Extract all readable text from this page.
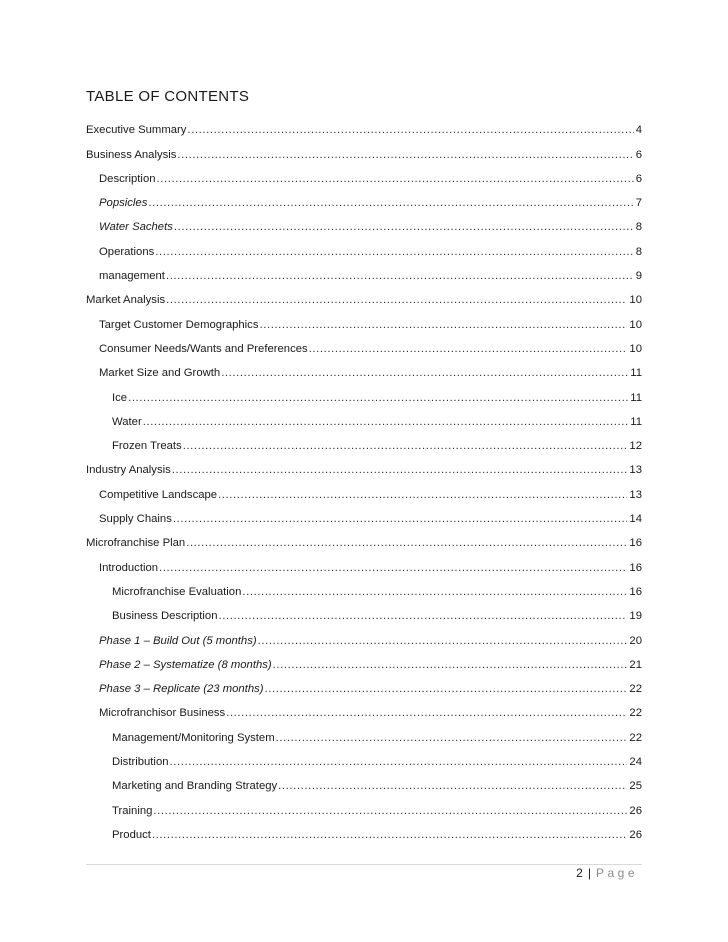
TABLE OF CONTENTS
Executive Summary .....	4
Business Analysis .....	6
Description .....	6
Popsicles .....	7
Water Sachets .....	8
Operations .....	8
management .....	9
Market Analysis .....	10
Target Customer Demographics .....	10
Consumer Needs/Wants and Preferences .....	10
Market Size and Growth .....	11
Ice .....	11
Water .....	11
Frozen Treats .....	12
Industry Analysis .....	13
Competitive Landscape .....	13
Supply Chains .....	14
Microfranchise Plan .....	16
Introduction .....	16
Microfranchise Evaluation .....	16
Business Description .....	19
Phase 1 – Build Out (5 months) .....	20
Phase 2 – Systematize (8 months) .....	21
Phase 3 – Replicate (23 months) .....	22
Microfranchisor Business .....	22
Management/Monitoring System .....	22
Distribution .....	24
Marketing and Branding Strategy .....	25
Training .....	26
Product .....	26
2 | Page
